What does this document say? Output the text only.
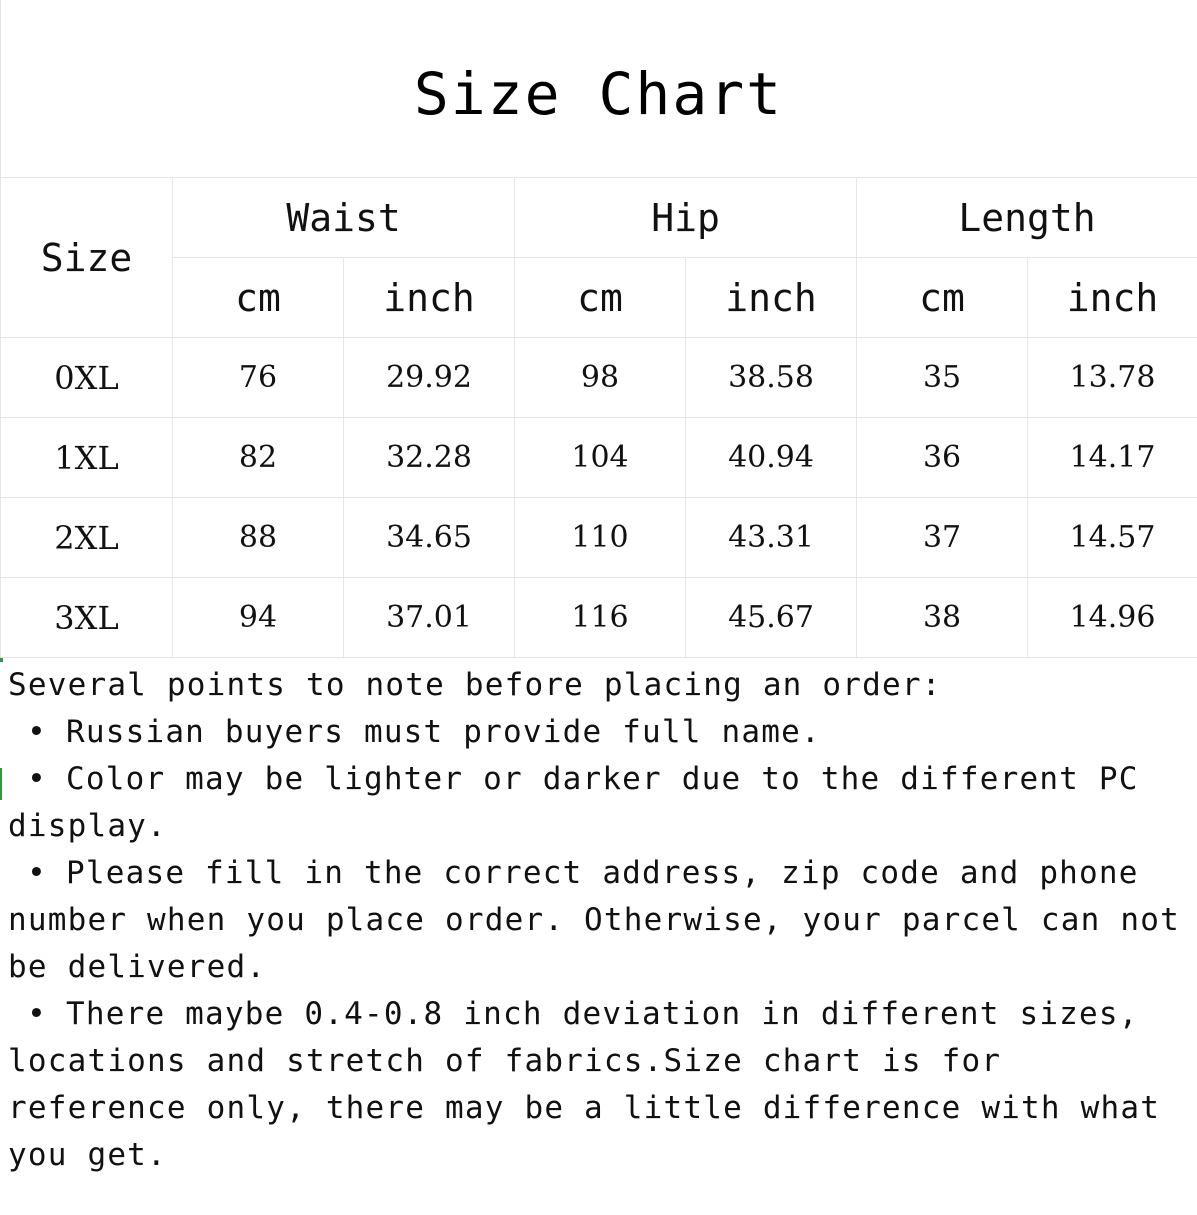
Size Chart
Size	Waist		Hip		Length	
	cm	inch	cm	inch	cm	inch
0XL	76	29.92	98	38.58	35	13.78
1XL	82	32.28	104	40.94	36	14.17
2XL	88	34.65	110	43.31	37	14.57
3XL	94	37.01	116	45.67	38	14.96

Several points to note before placing an order:

• Russian buyers must provide full name.

• Color may be lighter or darker due to the different PC display.

• Please fill in the correct address, zip code and phone number when you place order. Otherwise, your parcel can not be delivered.

• There maybe 0.4-0.8 inch deviation in different sizes, locations and stretch of fabrics.Size chart is for reference only, there may be a little difference with what you get.
